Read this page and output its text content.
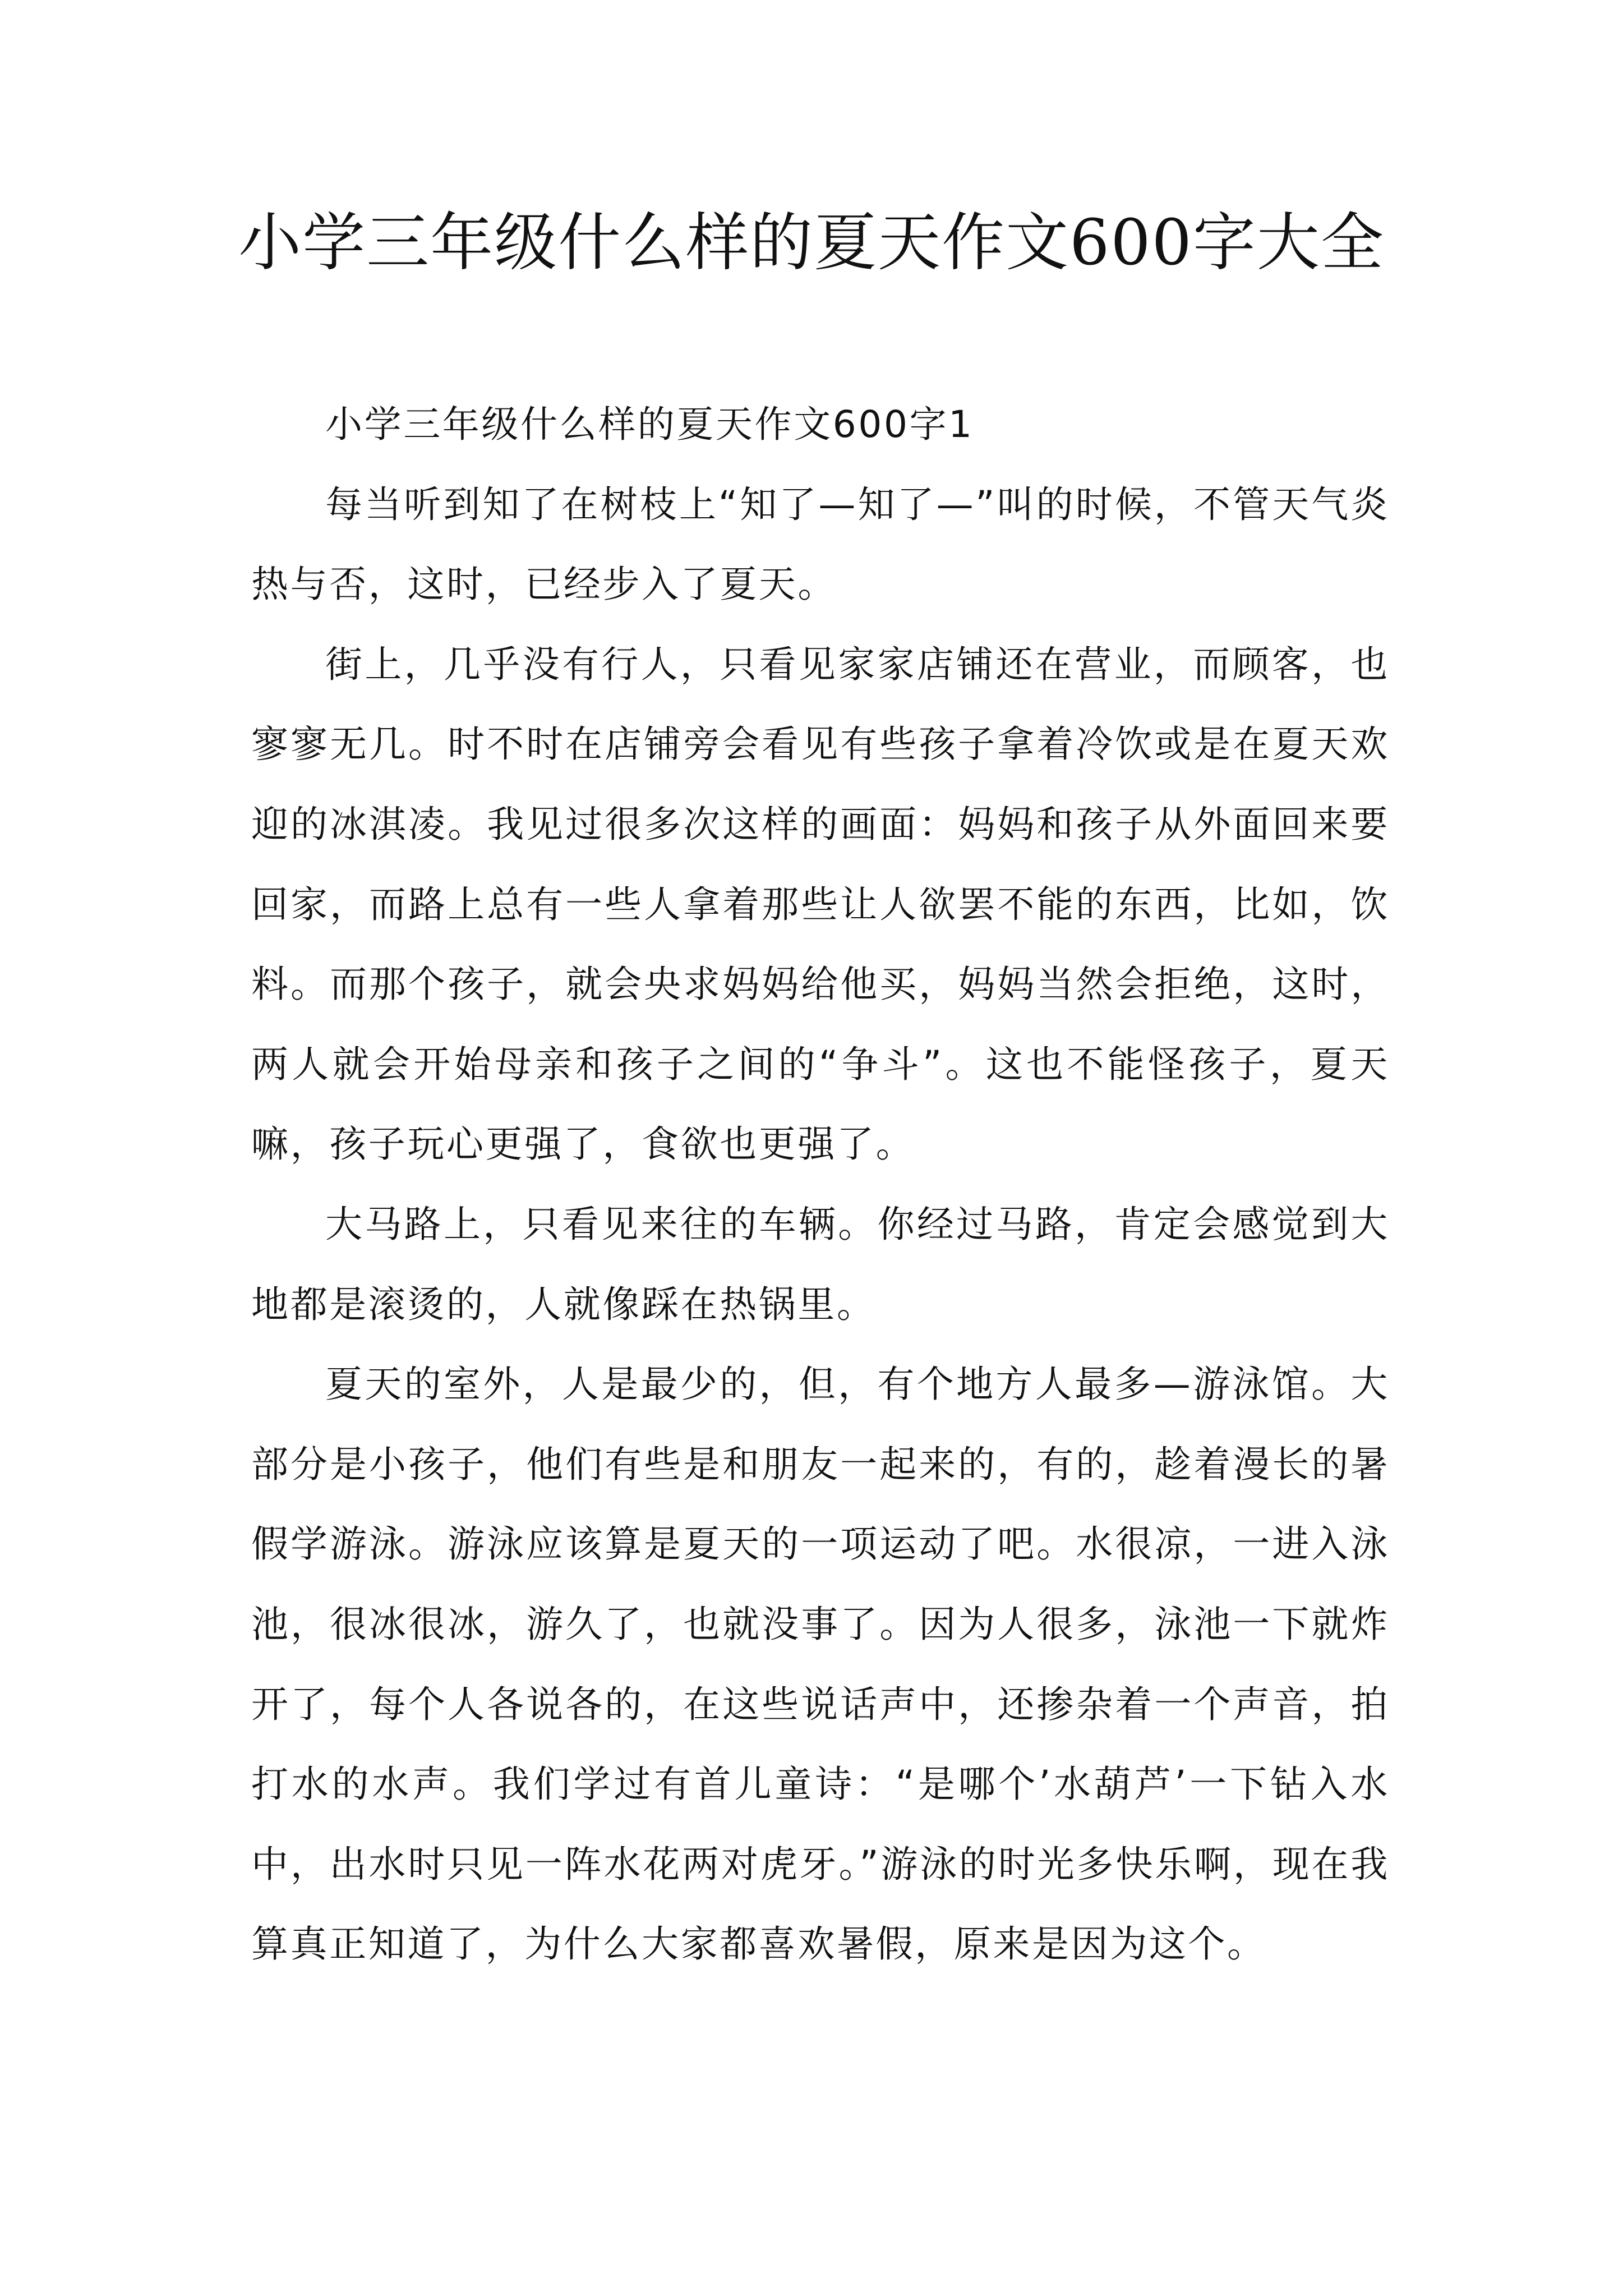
小学三年级什么样的夏天作文600字大全

小学三年级什么样的夏天作文600字1

每当听到知了在树枝上“知了—知了—”叫的时候，不管天气炎热与否，这时，已经步入了夏天。

街上，几乎没有行人，只看见家家店铺还在营业，而顾客，也寥寥无几。时不时在店铺旁会看见有些孩子拿着冷饮或是在夏天欢迎的冰淇凌。我见过很多次这样的画面：妈妈和孩子从外面回来要回家，而路上总有一些人拿着那些让人欲罢不能的东西，比如，饮料。而那个孩子，就会央求妈妈给他买，妈妈当然会拒绝，这时，两人就会开始母亲和孩子之间的“争斗”。这也不能怪孩子，夏天嘛，孩子玩心更强了，食欲也更强了。

大马路上，只看见来往的车辆。你经过马路，肯定会感觉到大地都是滚烫的，人就像踩在热锅里。

夏天的室外，人是最少的，但，有个地方人最多—游泳馆。大部分是小孩子，他们有些是和朋友一起来的，有的，趁着漫长的暑假学游泳。游泳应该算是夏天的一项运动了吧。水很凉，一进入泳池，很冰很冰，游久了，也就没事了。因为人很多，泳池一下就炸开了，每个人各说各的，在这些说话声中，还掺杂着一个声音，拍打水的水声。我们学过有首儿童诗：“是哪个’水葫芦’一下钻入水中，出水时只见一阵水花两对虎牙。”游泳的时光多快乐啊，现在我算真正知道了，为什么大家都喜欢暑假，原来是因为这个。
